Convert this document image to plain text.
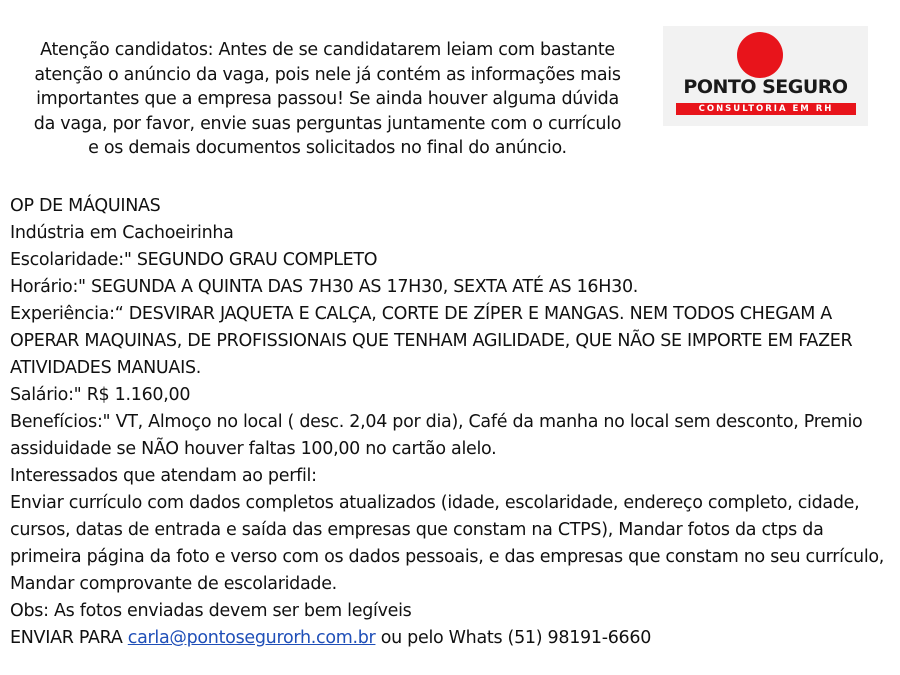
Atenção candidatos: Antes de se candidatarem leiam com bastante
atenção o anúncio da vaga, pois nele já contém as informações mais
importantes que a empresa passou! Se ainda houver alguma dúvida
da vaga, por favor, envie suas perguntas juntamente com o currículo
e os demais documentos solicitados no final do anúncio.
PONTO SEGURO
CONSULTORIA EM RH

OP DE MÁQUINAS

Indústria em Cachoeirinha

Escolaridade:" SEGUNDO GRAU COMPLETO

Horário:" SEGUNDA A QUINTA DAS 7H30 AS 17H30, SEXTA ATÉ AS 16H30.

Experiência:“ DESVIRAR JAQUETA E CALÇA, CORTE DE ZÍPER E MANGAS. NEM TODOS CHEGAM A OPERAR MAQUINAS, DE PROFISSIONAIS QUE TENHAM AGILIDADE, QUE NÃO SE IMPORTE EM FAZER ATIVIDADES MANUAIS.

Salário:" R$ 1.160,00

Benefícios:" VT, Almoço no local ( desc. 2,04 por dia), Café da manha no local sem desconto, Premio assiduidade se NÃO houver faltas 100,00 no cartão alelo.

Interessados que atendam ao perfil:

Enviar currículo com dados completos atualizados (idade, escolaridade, endereço completo, cidade, cursos, datas de entrada e saída das empresas que constam na CTPS), Mandar fotos da ctps da primeira página da foto e verso com os dados pessoais, e das empresas que constam no seu currículo, Mandar comprovante de escolaridade.

Obs: As fotos enviadas devem ser bem legíveis

ENVIAR PARA carla@pontosegurorh.com.br ou pelo Whats (51) 98191-6660
